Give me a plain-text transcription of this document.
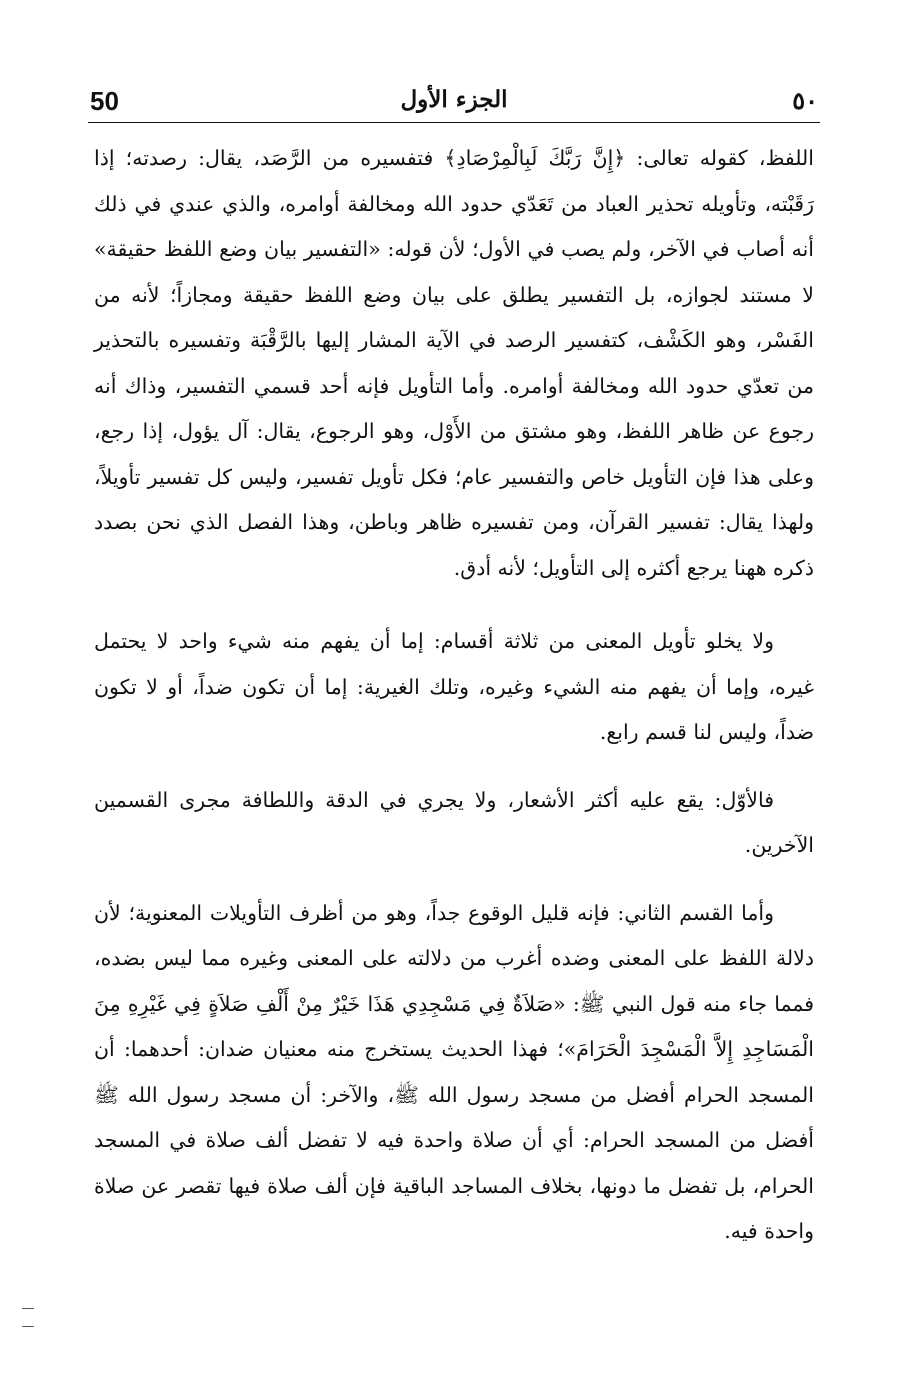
50	الجزء الأول	٥٠

اللفظ، كقوله تعالى: ﴿إِنَّ رَبَّكَ لَبِالْمِرْصَادِ﴾ فتفسيره من الرَّصَد، يقال: رصدته؛ إذا رَقَبْته، وتأويله تحذير العباد من تَعَدّي حدود الله ومخالفة أوامره، والذي عندي في ذلك أنه أصاب في الآخر، ولم يصب في الأول؛ لأن قوله: «التفسير بيان وضع اللفظ حقيقة» لا مستند لجوازه، بل التفسير يطلق على بيان وضع اللفظ حقيقة ومجازاً؛ لأنه من الفَسْر، وهو الكَشْف، كتفسير الرصد في الآية المشار إليها بالرَّقْبَة وتفسيره بالتحذير من تعدّي حدود الله ومخالفة أوامره. وأما التأويل فإنه أحد قسمي التفسير، وذاك أنه رجوع عن ظاهر اللفظ، وهو مشتق من الأَوْل، وهو الرجوع، يقال: آل يؤول، إذا رجع، وعلى هذا فإن التأويل خاص والتفسير عام؛ فكل تأويل تفسير، وليس كل تفسير تأويلاً، ولهذا يقال: تفسير القرآن، ومن تفسيره ظاهر وباطن، وهذا الفصل الذي نحن بصدد ذكره ههنا يرجع أكثره إلى التأويل؛ لأنه أدق.

ولا يخلو تأويل المعنى من ثلاثة أقسام: إما أن يفهم منه شيء واحد لا يحتمل غيره، وإما أن يفهم منه الشيء وغيره، وتلك الغيرية: إما أن تكون ضداً، أو لا تكون ضداً، وليس لنا قسم رابع.

فالأوّل: يقع عليه أكثر الأشعار، ولا يجري في الدقة واللطافة مجرى القسمين الآخرين.

وأما القسم الثاني: فإنه قليل الوقوع جداً، وهو من أظرف التأويلات المعنوية؛ لأن دلالة اللفظ على المعنى وضده أغرب من دلالته على المعنى وغيره مما ليس بضده، فمما جاء منه قول النبي ﷺ: «صَلاَةٌ فِي مَسْجِدِي هَذَا خَيْرٌ مِنْ أَلْفِ صَلاَةٍ فِي غَيْرِهِ مِنَ الْمَسَاجِدِ إِلاَّ الْمَسْجِدَ الْحَرَامَ»؛ فهذا الحديث يستخرج منه معنيان ضدان: أحدهما: أن المسجد الحرام أفضل من مسجد رسول الله ﷺ، والآخر: أن مسجد رسول الله ﷺ أفضل من المسجد الحرام: أي أن صلاة واحدة فيه لا تفضل ألف صلاة في المسجد الحرام، بل تفضل ما دونها، بخلاف المساجد الباقية فإن ألف صلاة فيها تقصر عن صلاة واحدة فيه.
